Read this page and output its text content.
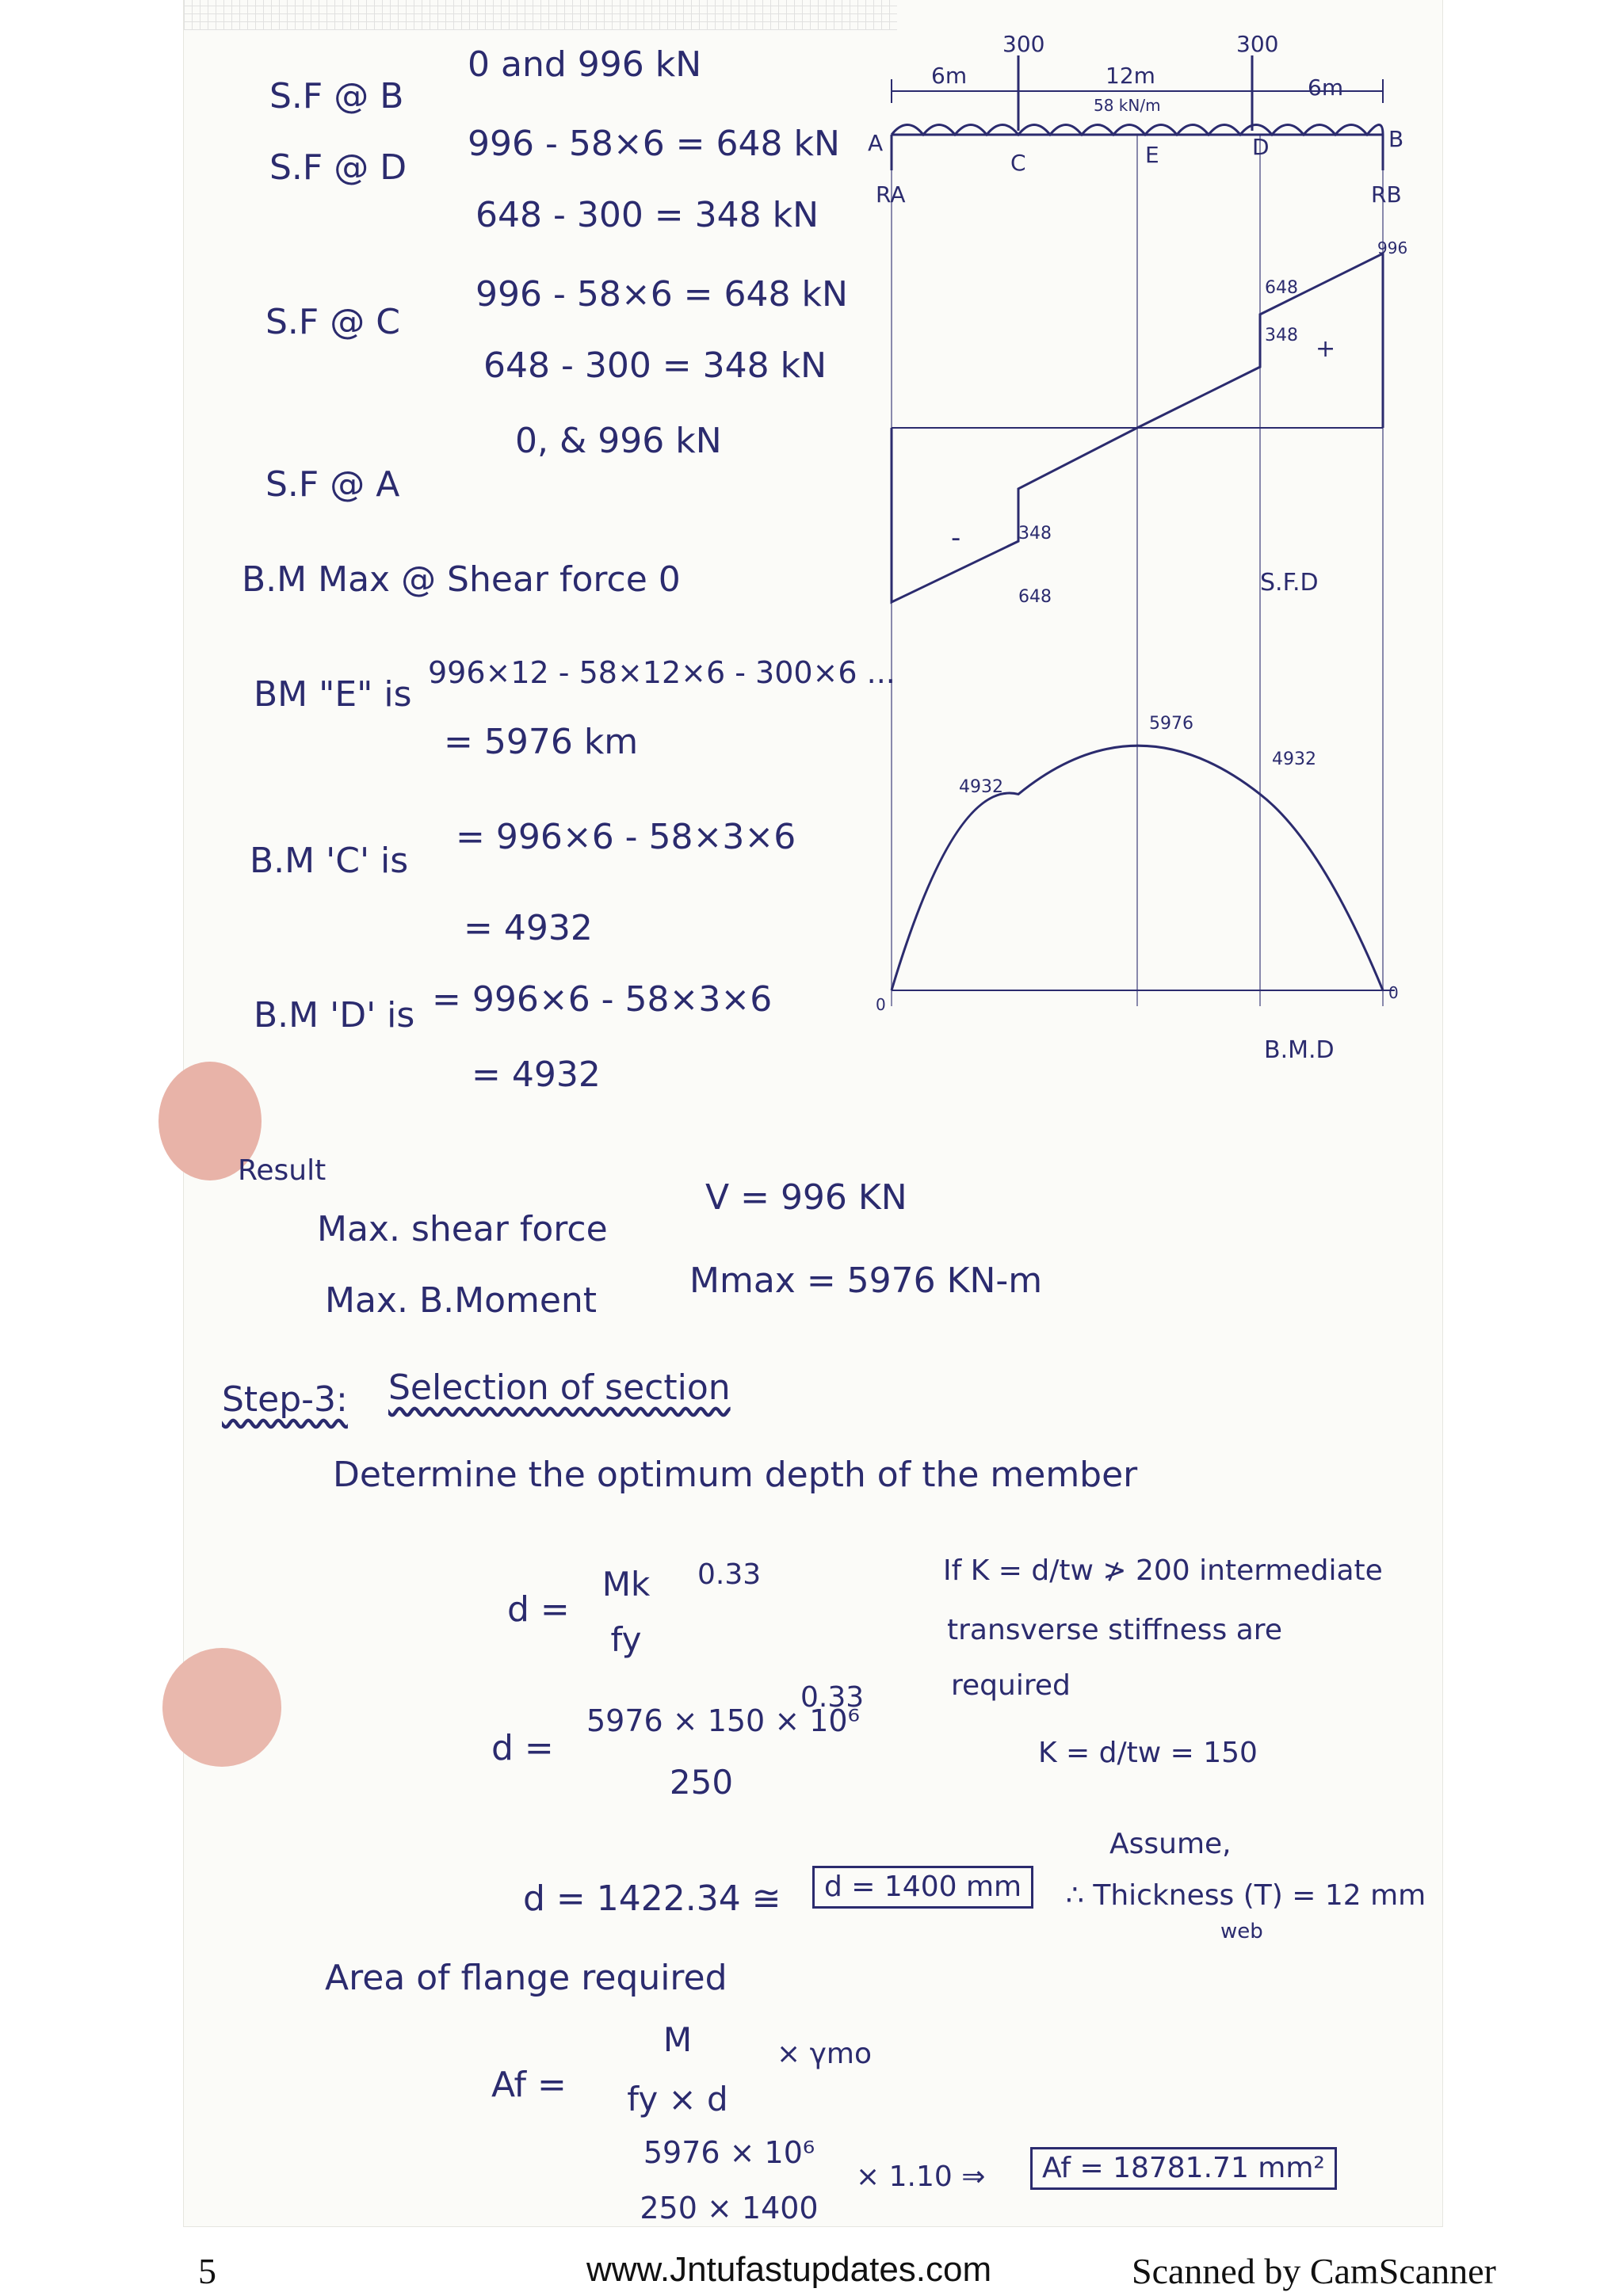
S.F @ B
0 and 996 kN
S.F @ D
996 - 58×6 = 648 kN
648 - 300 = 348 kN
S.F @ C
996 - 58×6 = 648 kN
648 - 300 = 348 kN
S.F @ A
0, & 996 kN
B.M Max @ Shear force 0
BM "E" is
996×12 - 58×12×6 - 300×6 ...
= 5976 km
B.M 'C' is
= 996×6 - 58×3×6
= 4932
B.M 'D' is = 996×6 - 58×3×6
= 4932
Result
Max. shear force
V = 996 KN
Max. B.Moment	Mmax = 5976 KN-m
Step-3: Selection of section
Determine the optimum depth of the member
d =
Mk
fy
0.33	If K = d/tw ≯ 200 intermediate
transverse stiffness are
required
d =
5976 × 150 × 10⁶
250
0.33
K = d/tw = 150
Assume,
d = 1422.34 ≅	d = 1400 mm	∴ Thickness (T) = 12 mm
web
Area of flange required
Af =
M
fy × d
× γmo
5976 × 10⁶
250 × 1400
× 1.10 ⇒	Af = 18781.71 mm²
300	300
6m	12m	6m
58 kN/m
A
C	E	D	B
RA	RB
996
648
348 +
-	348
648
S.F.D
5976
4932
4932
0
0
B.M.D
5	www.Jntufastupdates.com	Scanned by CamScanner
